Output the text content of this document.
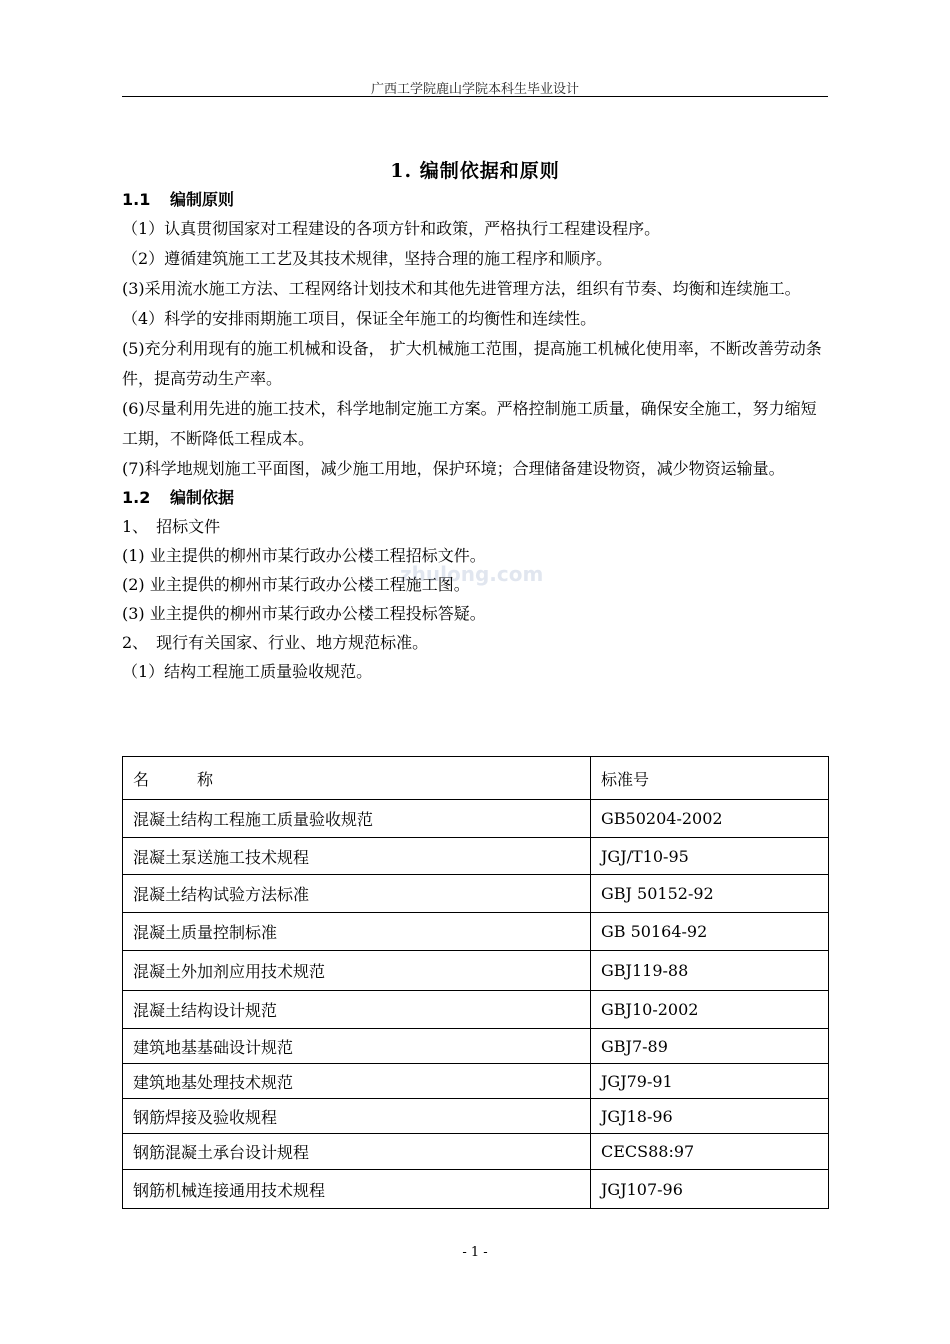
广西工学院鹿山学院本科生毕业设计
1. 编制依据和原则
zhulong.com
1.1 编制原则
（1）认真贯彻国家对工程建设的各项方针和政策，严格执行工程建设程序。
（2）遵循建筑施工工艺及其技术规律，坚持合理的施工程序和顺序。
(3)采用流水施工方法、工程网络计划技术和其他先进管理方法，组织有节奏、均衡和连续施工。
（4）科学的安排雨期施工项目，保证全年施工的均衡性和连续性。
(5)充分利用现有的施工机械和设备， 扩大机械施工范围，提高施工机械化使用率，不断改善劳动条件，提高劳动生产率。
(6)尽量利用先进的施工技术，科学地制定施工方案。严格控制施工质量，确保安全施工，努力缩短工期，不断降低工程成本。
(7)科学地规划施工平面图，减少施工用地，保护环境；合理储备建设物资，减少物资运输量。
1.2 编制依据
1、　招标文件
(1) 业主提供的柳州市某行政办公楼工程招标文件。
(2) 业主提供的柳州市某行政办公楼工程施工图。
(3) 业主提供的柳州市某行政办公楼工程投标答疑。
2、　现行有关国家、行业、地方规范标准。
（1）结构工程施工质量验收规范。
名　　　称	标准号
混凝土结构工程施工质量验收规范	GB50204-2002
混凝土泵送施工技术规程	JGJ/T10-95
混凝土结构试验方法标准	GBJ 50152-92
混凝土质量控制标准	GB 50164-92
混凝土外加剂应用技术规范	GBJ119-88
混凝土结构设计规范	GBJ10-2002
建筑地基基础设计规范	GBJ7-89
建筑地基处理技术规范	JGJ79-91
钢筋焊接及验收规程	JGJ18-96
钢筋混凝土承台设计规程	CECS88:97
钢筋机械连接通用技术规程	JGJ107-96
- 1 -
